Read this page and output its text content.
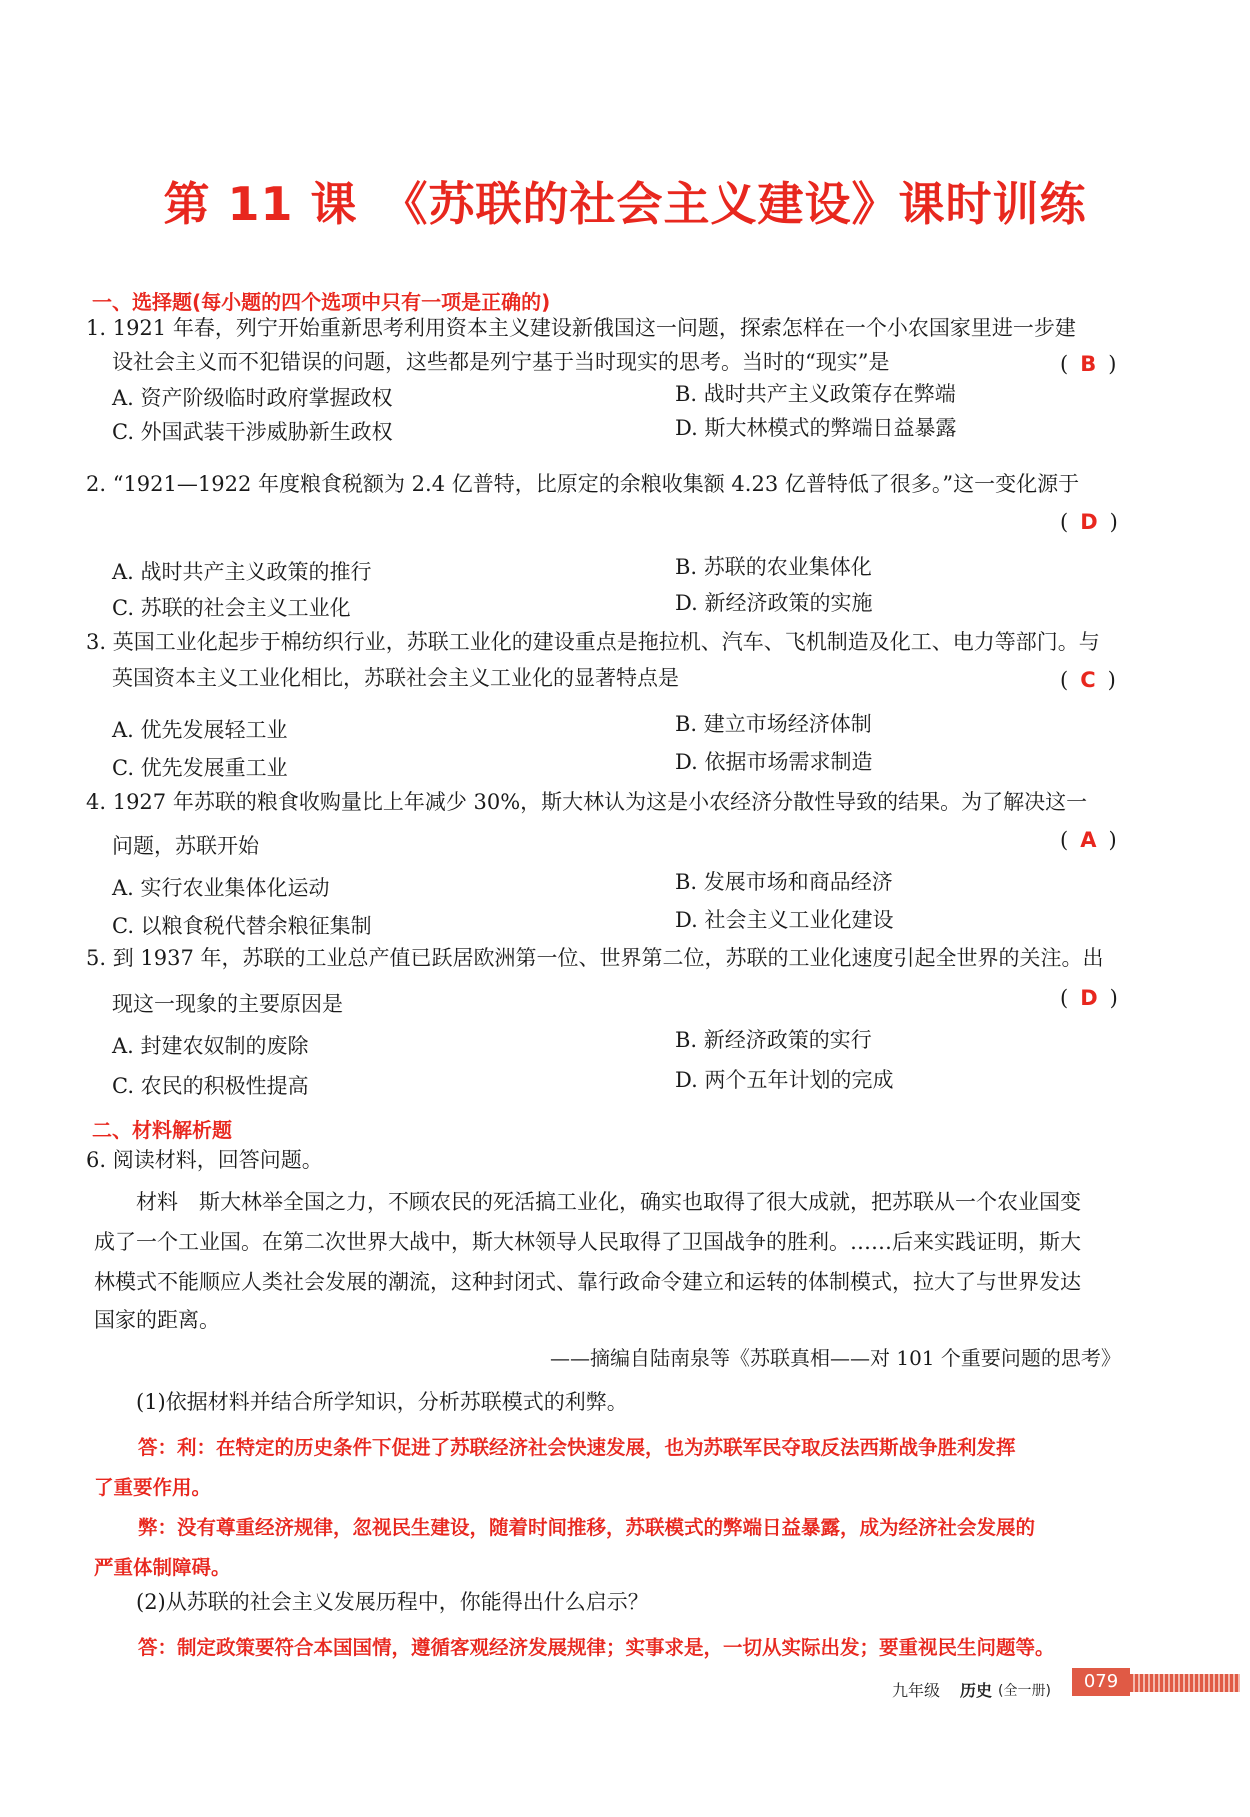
第 11 课　《苏联的社会主义建设》课时训练
一、选择题(每小题的四个选项中只有一项是正确的)
1. 1921 年春，列宁开始重新思考利用资本主义建设新俄国这一问题，探索怎样在一个小农国家里进一步建
设社会主义而不犯错误的问题，这些都是列宁基于当时现实的思考。当时的“现实”是	( B )
A. 资产阶级临时政府掌握政权	B. 战时共产主义政策存在弊端
C. 外国武装干涉威胁新生政权	D. 斯大林模式的弊端日益暴露
2. “1921—1922 年度粮食税额为 2.4 亿普特，比原定的余粮收集额 4.23 亿普特低了很多。”这一变化源于
( D )
A. 战时共产主义政策的推行	B. 苏联的农业集体化
C. 苏联的社会主义工业化	D. 新经济政策的实施
3. 英国工业化起步于棉纺织行业，苏联工业化的建设重点是拖拉机、汽车、飞机制造及化工、电力等部门。与
英国资本主义工业化相比，苏联社会主义工业化的显著特点是	( C )
A. 优先发展轻工业	B. 建立市场经济体制
C. 优先发展重工业	D. 依据市场需求制造
4. 1927 年苏联的粮食收购量比上年减少 30%，斯大林认为这是小农经济分散性导致的结果。为了解决这一
问题，苏联开始	( A )
A. 实行农业集体化运动	B. 发展市场和商品经济
C. 以粮食税代替余粮征集制	D. 社会主义工业化建设
5. 到 1937 年，苏联的工业总产值已跃居欧洲第一位、世界第二位，苏联的工业化速度引起全世界的关注。出
现这一现象的主要原因是	( D )
A. 封建农奴制的废除	B. 新经济政策的实行
C. 农民的积极性提高	D. 两个五年计划的完成
二、材料解析题
6. 阅读材料，回答问题。
材料　斯大林举全国之力，不顾农民的死活搞工业化，确实也取得了很大成就，把苏联从一个农业国变
成了一个工业国。在第二次世界大战中，斯大林领导人民取得了卫国战争的胜利。……后来实践证明，斯大
林模式不能顺应人类社会发展的潮流，这种封闭式、靠行政命令建立和运转的体制模式，拉大了与世界发达
国家的距离。
——摘编自陆南泉等《苏联真相——对 101 个重要问题的思考》
(1)依据材料并结合所学知识，分析苏联模式的利弊。
答：利：在特定的历史条件下促进了苏联经济社会快速发展，也为苏联军民夺取反法西斯战争胜利发挥
了重要作用。
弊：没有尊重经济规律，忽视民生建设，随着时间推移，苏联模式的弊端日益暴露，成为经济社会发展的
严重体制障碍。
(2)从苏联的社会主义发展历程中，你能得出什么启示？
答：制定政策要符合本国国情，遵循客观经济发展规律；实事求是，一切从实际出发；要重视民生问题等。
九年级 历史 (全一册)	079
